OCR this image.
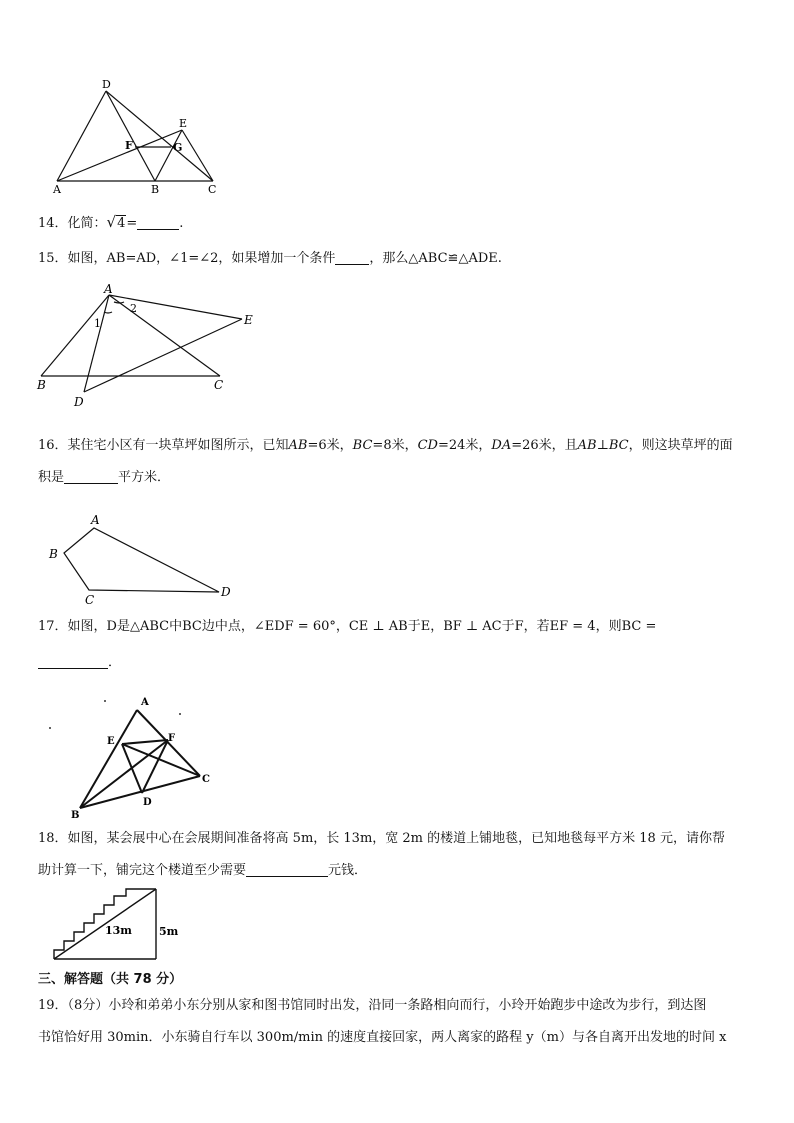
D
E
F	G
A	B	C
14．化简：√4=	.
15．如图，AB=AD，∠1=∠2，如果增加一个条件	，那么△ABC≌△ADE.
A
1
2
E
B	C
D
16．某住宅小区有一块草坪如图所示，已知AB=6米，BC=8米，CD=24米，DA=26米，且AB⊥BC，则这块草坪的面
积是	平方米．
A
B
C
D
17．如图，D是△ABC中BC边中点，∠EDF = 60°，CE ⊥ AB于E，BF ⊥ AC于F，若EF = 4，则BC =
．
A
E	F
C
D
B
18．如图，某会展中心在会展期间准备将高 5m，长 13m，宽 2m 的楼道上铺地毯，已知地毯每平方米 18 元，请你帮
助计算一下，铺完这个楼道至少需要	元钱．
13m 5m
三、解答题（共 78 分）
19．（8分）小玲和弟弟小东分别从家和图书馆同时出发，沿同一条路相向而行，小玲开始跑步中途改为步行，到达图
书馆恰好用 30min．小东骑自行车以 300m/min 的速度直接回家，两人离家的路程 y（m）与各自离开出发地的时间 x
